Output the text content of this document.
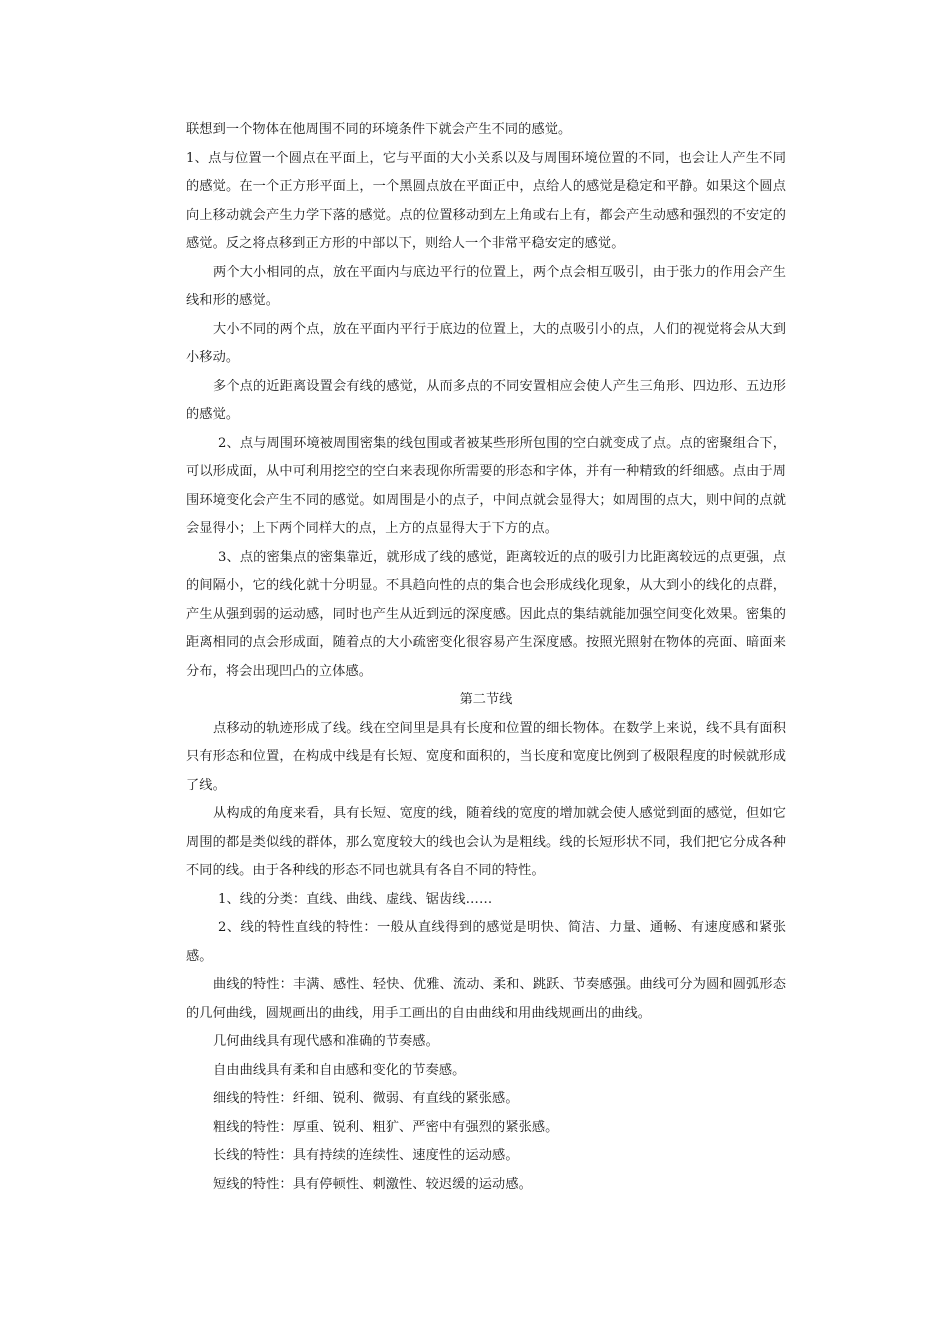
联想到一个物体在他周围不同的环境条件下就会产生不同的感觉。

1、点与位置一个圆点在平面上，它与平面的大小关系以及与周围环境位置的不同，也会让人产生不同的感觉。在一个正方形平面上，一个黑圆点放在平面正中，点给人的感觉是稳定和平静。如果这个圆点向上移动就会产生力学下落的感觉。点的位置移动到左上角或右上有，都会产生动感和强烈的不安定的感觉。反之将点移到正方形的中部以下，则给人一个非常平稳安定的感觉。

两个大小相同的点，放在平面内与底边平行的位置上，两个点会相互吸引，由于张力的作用会产生线和形的感觉。

大小不同的两个点，放在平面内平行于底边的位置上，大的点吸引小的点，人们的视觉将会从大到小移动。

多个点的近距离设置会有线的感觉，从而多点的不同安置相应会使人产生三角形、四边形、五边形的感觉。

2、点与周围环境被周围密集的线包围或者被某些形所包围的空白就变成了点。点的密聚组合下，可以形成面，从中可利用挖空的空白来表现你所需要的形态和字体，并有一种精致的纤细感。点由于周围环境变化会产生不同的感觉。如周围是小的点子，中间点就会显得大；如周围的点大，则中间的点就会显得小；上下两个同样大的点，上方的点显得大于下方的点。

3、点的密集点的密集靠近，就形成了线的感觉，距离较近的点的吸引力比距离较远的点更强，点的间隔小，它的线化就十分明显。不具趋向性的点的集合也会形成线化现象，从大到小的线化的点群，产生从强到弱的运动感，同时也产生从近到远的深度感。因此点的集结就能加强空间变化效果。密集的距离相同的点会形成面，随着点的大小疏密变化很容易产生深度感。按照光照射在物体的亮面、暗面来分布，将会出现凹凸的立体感。

第二节线

点移动的轨迹形成了线。线在空间里是具有长度和位置的细长物体。在数学上来说，线不具有面积只有形态和位置，在构成中线是有长短、宽度和面积的，当长度和宽度比例到了极限程度的时候就形成了线。

从构成的角度来看，具有长短、宽度的线，随着线的宽度的增加就会使人感觉到面的感觉，但如它周围的都是类似线的群体，那么宽度较大的线也会认为是粗线。线的长短形状不同，我们把它分成各种不同的线。由于各种线的形态不同也就具有各自不同的特性。

1、线的分类：直线、曲线、虚线、锯齿线……

2、线的特性直线的特性：一般从直线得到的感觉是明快、简洁、力量、通畅、有速度感和紧张感。

曲线的特性：丰满、感性、轻快、优雅、流动、柔和、跳跃、节奏感强。曲线可分为圆和圆弧形态的几何曲线，圆规画出的曲线，用手工画出的自由曲线和用曲线规画出的曲线。

几何曲线具有现代感和准确的节奏感。

自由曲线具有柔和自由感和变化的节奏感。

细线的特性：纤细、锐利、微弱、有直线的紧张感。

粗线的特性：厚重、锐利、粗犷、严密中有强烈的紧张感。

长线的特性：具有持续的连续性、速度性的运动感。

短线的特性：具有停顿性、刺激性、较迟缓的运动感。
